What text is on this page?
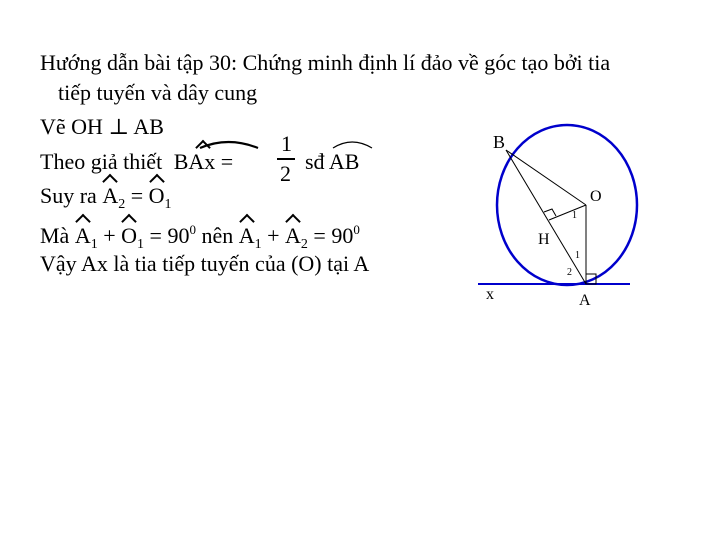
Hướng dẫn bài tập 30: Chứng minh định lí đảo về góc tạo bởi tia
tiếp tuyến và dây cung
Vẽ OH ⊥ AB
Theo giả thiết BAx =
1
2 sđ AB
Suy ra $A_2 = O_1$
Mà $A_1 + O_1 = 90^0$ nên $A_1 + A_2 = 90^0$
Vậy Ax là tia tiếp tuyến của (O) tại A
B
O
1
H
1
2
x	A
